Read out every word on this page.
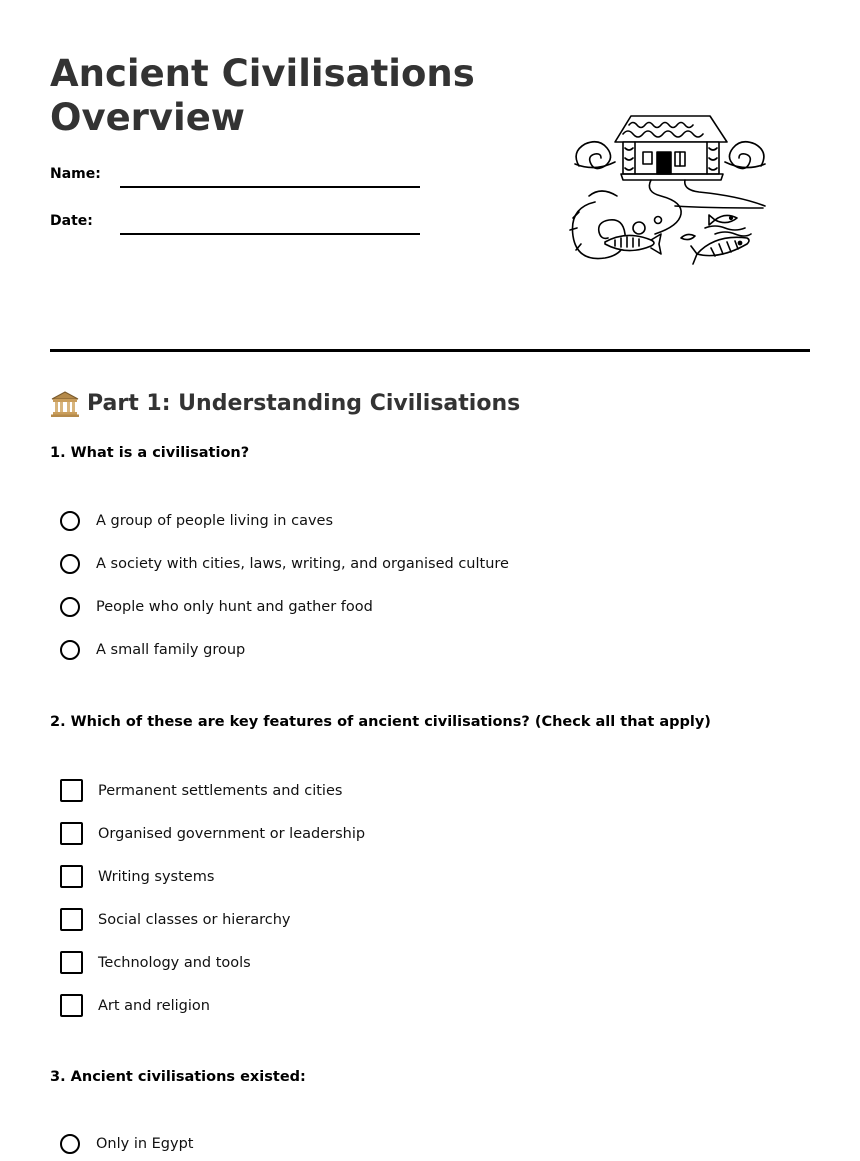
Ancient Civilisations Overview
Name:
Date:
Part 1: Understanding Civilisations

1. What is a civilisation?

A group of people living in caves
A society with cities, laws, writing, and organised culture
People who only hunt and gather food
A small family group

2. Which of these are key features of ancient civilisations? (Check all that apply)

Permanent settlements and cities
Organised government or leadership
Writing systems
Social classes or hierarchy
Technology and tools
Art and religion

3. Ancient civilisations existed:

Only in Egypt
